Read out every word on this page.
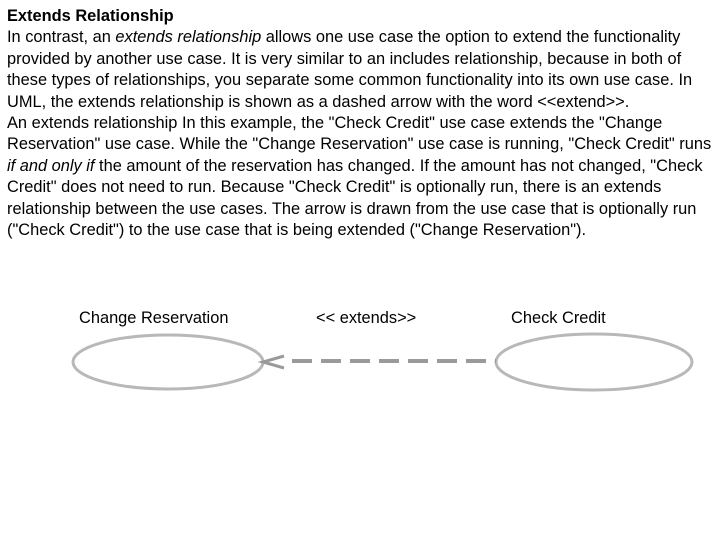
Extends Relationship

In contrast, an extends relationship allows one use case the option to extend the functionality provided by another use case. It is very similar to an includes relationship, because in both of these types of relationships, you separate some common functionality into its own use case. In UML, the extends relationship is shown as a dashed arrow with the word <<extend>>.

An extends relationship In this example, the "Check Credit" use case extends the "Change Reservation" use case. While the "Change Reservation" use case is running, "Check Credit" runs if and only if the amount of the reservation has changed. If the amount has not changed, "Check Credit" does not need to run. Because "Check Credit" is optionally run, there is an extends relationship between the use cases. The arrow is drawn from the use case that is optionally run ("Check Credit") to the use case that is being extended ("Change Reservation").

Change Reservation	<< extends>>	Check Credit
